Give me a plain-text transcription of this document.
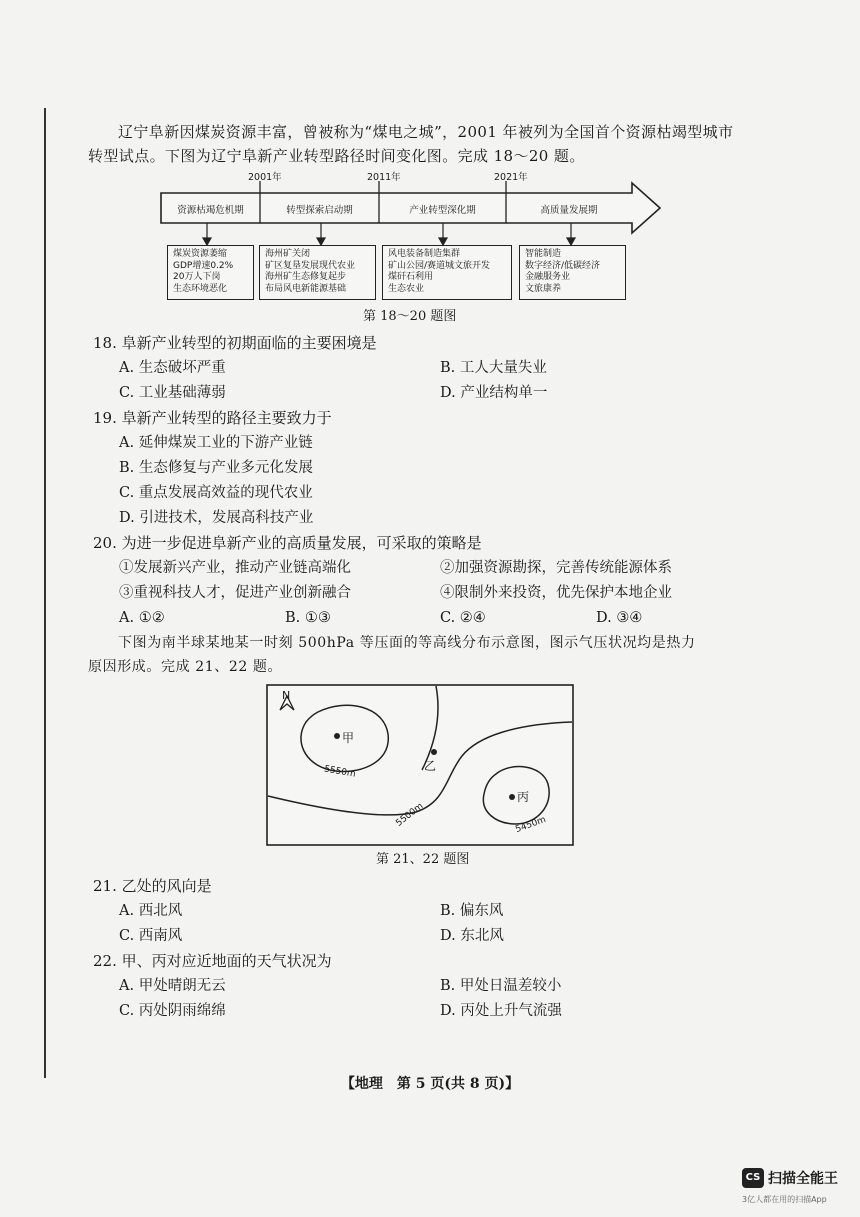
辽宁阜新因煤炭资源丰富，曾被称为“煤电之城”，2001 年被列为全国首个资源枯竭型城市
转型试点。下图为辽宁阜新产业转型路径时间变化图。完成 18～20 题。
2001年	2011年	2021年
资源枯竭危机期	转型探索启动期	产业转型深化期	高质量发展期
煤炭资源萎缩
GDP增速0.2%
20万人下岗
生态环境恶化
海州矿关闭
矿区复垦发展现代农业
海州矿生态修复起步
布局风电新能源基础
风电装备制造集群
矿山公园/赛道城文旅开发
煤矸石利用
生态农业
智能制造
数字经济/低碳经济
金融服务业
文旅康养
第 18～20 题图
18. 阜新产业转型的初期面临的主要困境是
A. 生态破坏严重	B. 工人大量失业
C. 工业基础薄弱	D. 产业结构单一
19. 阜新产业转型的路径主要致力于
A. 延伸煤炭工业的下游产业链
B. 生态修复与产业多元化发展
C. 重点发展高效益的现代农业
D. 引进技术，发展高科技产业
20. 为进一步促进阜新产业的高质量发展，可采取的策略是
①发展新兴产业，推动产业链高端化	②加强资源勘探，完善传统能源体系
③重视科技人才，促进产业创新融合	④限制外来投资，优先保护本地企业
A. ①②	B. ①③	C. ②④	D. ③④
下图为南半球某地某一时刻 500hPa 等压面的等高线分布示意图，图示气压状况均是热力
原因形成。完成 21、22 题。
N
甲
乙
丙
5550m
5500m	5450m
第 21、22 题图
21. 乙处的风向是
A. 西北风	B. 偏东风
C. 西南风	D. 东北风
22. 甲、丙对应近地面的天气状况为
A. 甲处晴朗无云	B. 甲处日温差较小
C. 丙处阴雨绵绵	D. 丙处上升气流强
【地理　第 5 页(共 8 页)】
CS 扫描全能王
3亿人都在用的扫描App
